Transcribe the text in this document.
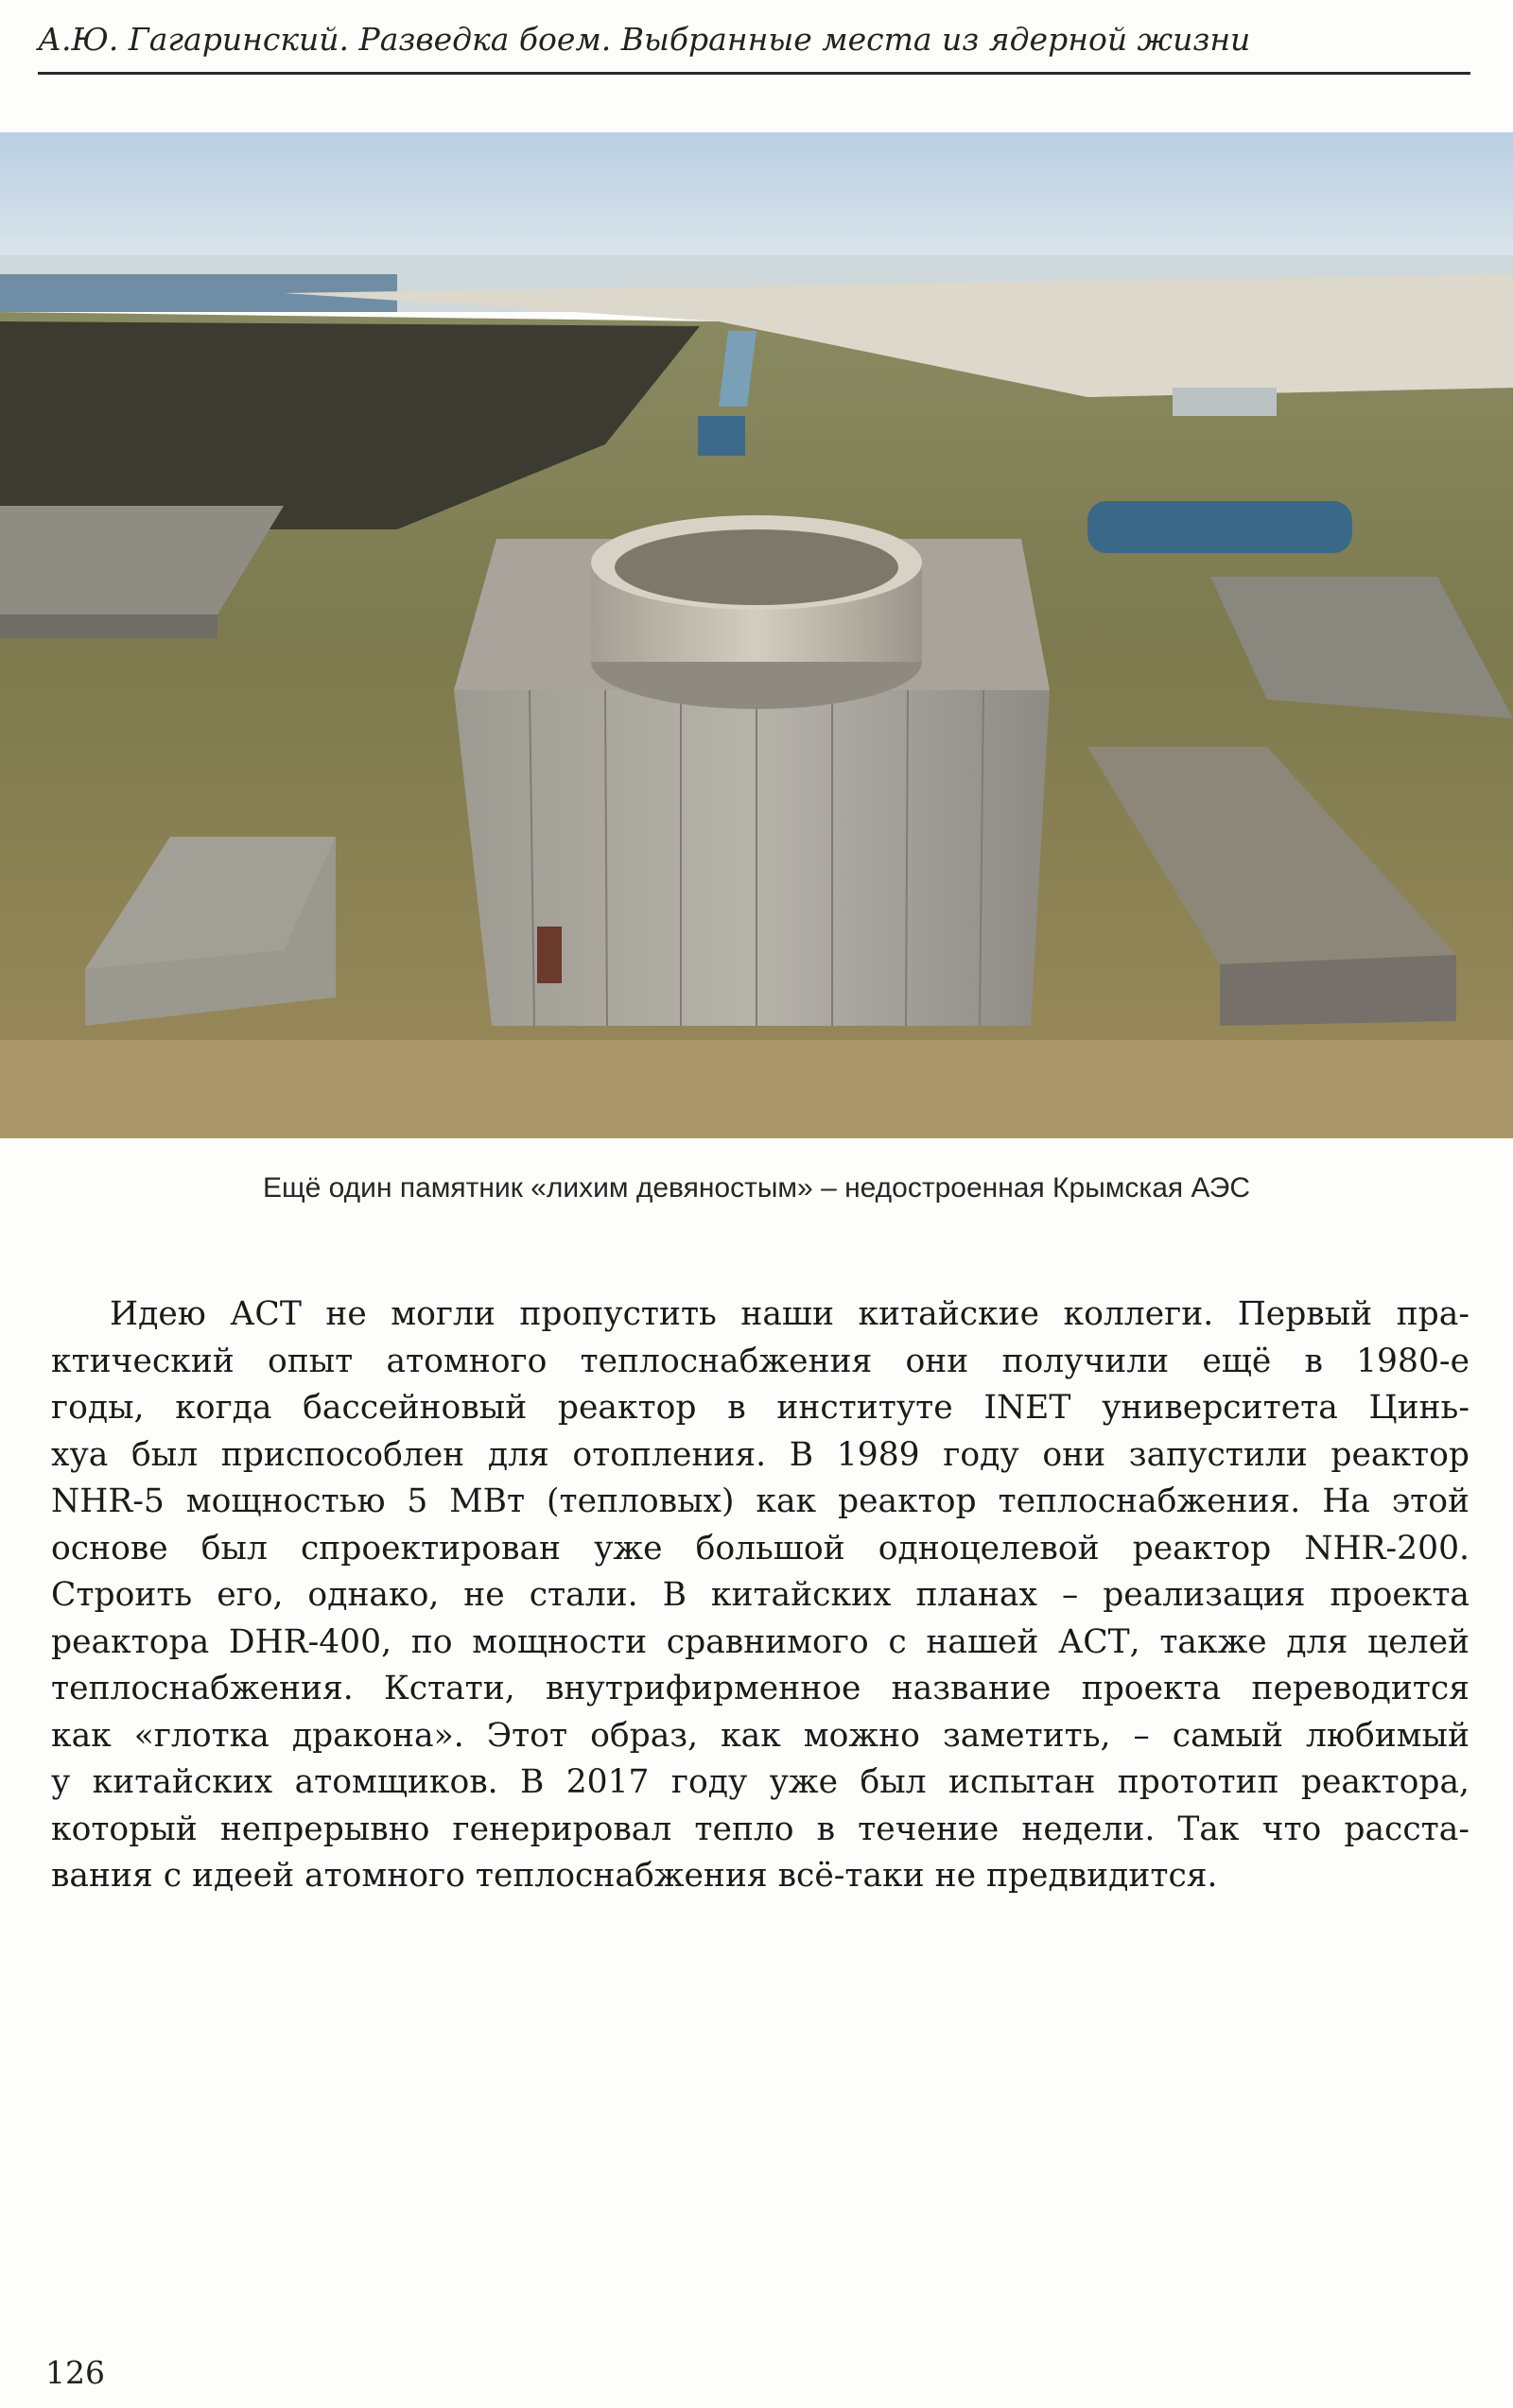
А.Ю. Гагаринский. Разведка боем. Выбранные места из ядерной жизни
Ещё один памятник «лихим девяностым» – недостроенная Крымская АЭС
Идею АСТ не могли пропустить наши китайские коллеги. Первый пра-
ктический опыт атомного теплоснабжения они получили ещё в 1980-е
годы, когда бассейновый реактор в институте INET университета Цинь-
хуа был приспособлен для отопления. В 1989 году они запустили реактор
NHR-5 мощностью 5 МВт (тепловых) как реактор теплоснабжения. На этой
основе был спроектирован уже большой одноцелевой реактор NHR-200.
Строить его, однако, не стали. В китайских планах – реализация проекта
реактора DHR-400, по мощности сравнимого с нашей АСТ, также для целей
теплоснабжения. Кстати, внутрифирменное название проекта переводится
как «глотка дракона». Этот образ, как можно заметить, – самый любимый
у китайских атомщиков. В 2017 году уже был испытан прототип реактора,
который непрерывно генерировал тепло в течение недели. Так что расста-
вания с идеей атомного теплоснабжения всё-таки не предвидится.
126
